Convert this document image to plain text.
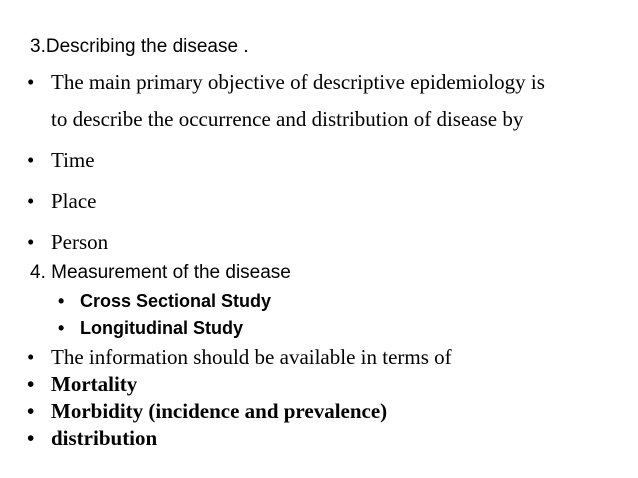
3.Describing the disease .
• The main primary objective of descriptive epidemiology is
to describe the occurrence and distribution of disease by
• Time
• Place
• Person
4. Measurement of the disease
• Cross Sectional Study
• Longitudinal Study
• The information should be available in terms of
• Mortality
• Morbidity (incidence and prevalence)
• distribution
